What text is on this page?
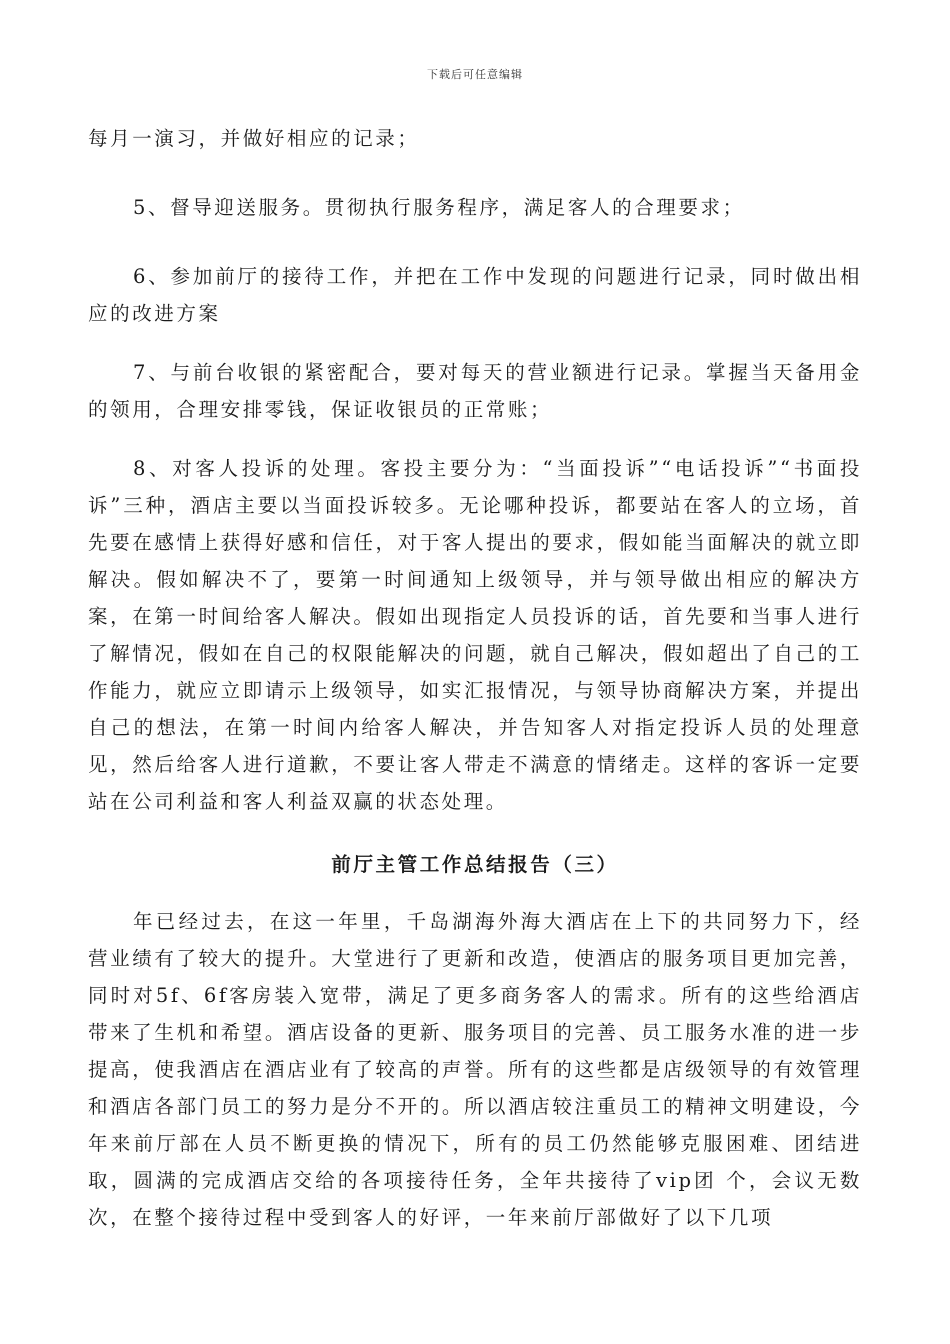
下载后可任意编辑

每月一演习，并做好相应的记录；

5、督导迎送服务。贯彻执行服务程序，满足客人的合理要求；

6、参加前厅的接待工作，并把在工作中发现的问题进行记录，同时做出相应的改进方案

7、与前台收银的紧密配合，要对每天的营业额进行记录。掌握当天备用金的领用，合理安排零钱，保证收银员的正常账；

8、对客人投诉的处理。客投主要分为：“当面投诉”“电话投诉”“书面投诉”三种，酒店主要以当面投诉较多。无论哪种投诉，都要站在客人的立场，首先要在感情上获得好感和信任，对于客人提出的要求，假如能当面解决的就立即解决。假如解决不了，要第一时间通知上级领导，并与领导做出相应的解决方案，在第一时间给客人解决。假如出现指定人员投诉的话，首先要和当事人进行了解情况，假如在自己的权限能解决的问题，就自己解决，假如超出了自己的工作能力，就应立即请示上级领导，如实汇报情况，与领导协商解决方案，并提出自己的想法，在第一时间内给客人解决，并告知客人对指定投诉人员的处理意见，然后给客人进行道歉，不要让客人带走不满意的情绪走。这样的客诉一定要站在公司利益和客人利益双赢的状态处理。

前厅主管工作总结报告（三）

年已经过去，在这一年里，千岛湖海外海大酒店在上下的共同努力下，经营业绩有了较大的提升。大堂进行了更新和改造，使酒店的服务项目更加完善，同时对5f、6f客房装入宽带，满足了更多商务客人的需求。所有的这些给酒店带来了生机和希望。酒店设备的更新、服务项目的完善、员工服务水准的进一步提高，使我酒店在酒店业有了较高的声誉。所有的这些都是店级领导的有效管理和酒店各部门员工的努力是分不开的。所以酒店较注重员工的精神文明建设，今年来前厅部在人员不断更换的情况下，所有的员工仍然能够克服困难、团结进取，圆满的完成酒店交给的各项接待任务，全年共接待了vip团 个，会议无数次，在整个接待过程中受到客人的好评，一年来前厅部做好了以下几项
